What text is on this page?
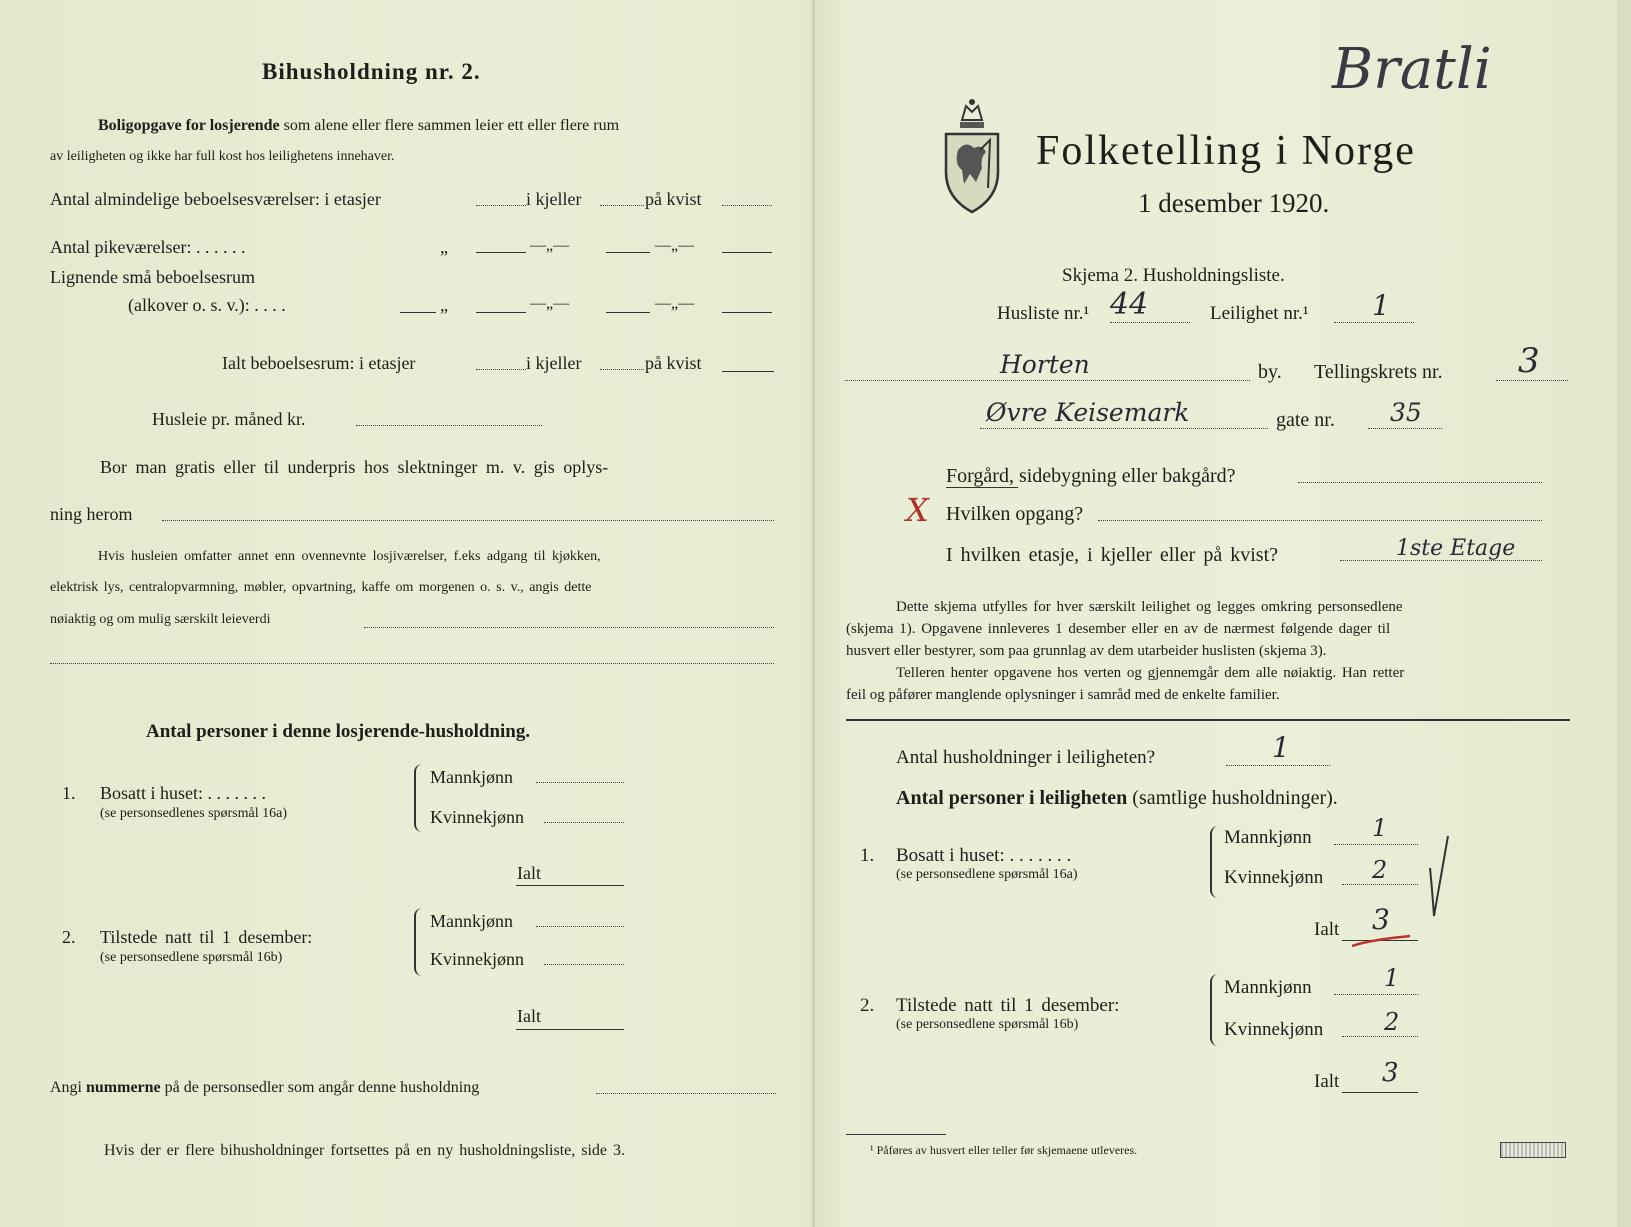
Bihusholdning nr. 2.
Boligopgave for losjerende som alene eller flere sammen leier ett eller flere rum
av leiligheten og ikke har full kost hos leilighetens innehaver.
Antal almindelige beboelsesværelser: i etasjer	i kjeller	på kvist
Antal pikeværelser: . . . . . .	„	—„—	—„—
Lignende små beboelsesrum
(alkover o. s. v.): . . . .	„	—„—	—„—
Ialt beboelsesrum: i etasjer	i kjeller	på kvist
Husleie pr. måned kr.
Bor man gratis eller til underpris hos slektninger m. v. gis oplys-
ning herom
Hvis husleien omfatter annet enn ovennevnte losjiværelser, f.eks adgang til kjøkken,
elektrisk lys, centralopvarmning, møbler, opvartning, kaffe om morgenen o. s. v., angis dette
nøiaktig og om mulig særskilt leieverdi
Antal personer i denne losjerende-husholdning.
1. Bosatt i huset: . . . . . . .
(se personsedlenes spørsmål 16a)
Mannkjønn
Kvinnekjønn
Ialt
2. Tilstede natt til 1 desember:
(se personsedlene spørsmål 16b)
Mannkjønn
Kvinnekjønn
Ialt
Angi nummerne på de personsedler som angår denne husholdning
Hvis der er flere bihusholdninger fortsettes på en ny husholdningsliste, side 3.
Folketelling i Norge
1 desember 1920.
Skjema 2. Husholdningsliste.
Husliste nr.¹ 44	Leilighet nr.¹ 1
Horten	by. Tellingskrets nr. 3
Øvre Keisemark	gate nr. 35
Forgård, sidebygning eller bakgård?
X Hvilken opgang?
I hvilken etasje, i kjeller eller på kvist?	1ste Etage
Dette skjema utfylles for hver særskilt leilighet og legges omkring personsedlene
(skjema 1). Opgavene innleveres 1 desember eller en av de nærmest følgende dager til
husvert eller bestyrer, som paa grunnlag av dem utarbeider huslisten (skjema 3).
Telleren henter opgavene hos verten og gjennemgår dem alle nøiaktig. Han retter
feil og påfører manglende oplysninger i samråd med de enkelte familier.
Antal husholdninger i leiligheten?	1
Antal personer i leiligheten (samtlige husholdninger).
1. Bosatt i huset: . . . . . . .
(se personsedlene spørsmål 16a)
Mannkjønn	1
Kvinnekjønn 2
Ialt 3
2. Tilstede natt til 1 desember:
(se personsedlene spørsmål 16b)
Mannkjønn	1
Kvinnekjønn	2
Ialt 3
¹ Påføres av husvert eller teller før skjemaene utleveres.
Bratli
